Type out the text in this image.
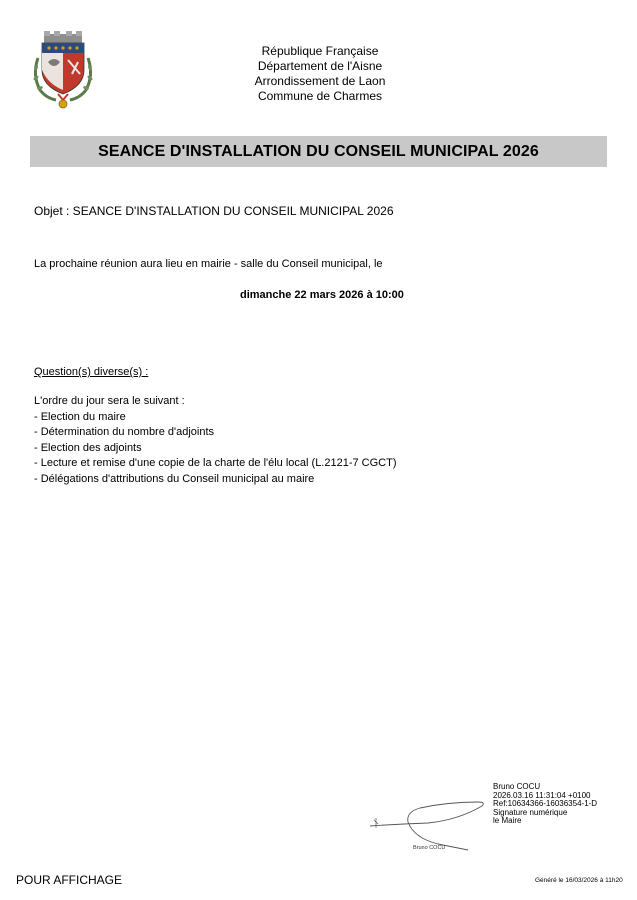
République Française
Département de l'Aisne
Arrondissement de Laon
Commune de Charmes
SEANCE D'INSTALLATION DU CONSEIL MUNICIPAL 2026
Objet : SEANCE D'INSTALLATION DU CONSEIL MUNICIPAL 2026
La prochaine réunion aura lieu en mairie - salle du Conseil municipal, le
dimanche 22 mars 2026 à 10:00
Question(s) diverse(s) :
L'ordre du jour sera le suivant :
- Election du maire
- Détermination du nombre d'adjoints
- Election des adjoints
- Lecture et remise d'une copie de la charte de l'élu local (L.2121-7 CGCT)
- Délégations d'attributions du Conseil municipal au maire
Bruno COCU
2026.03.16 11:31:04 +0100
Ref:10634366-16036354-1-D
Signature numérique
le Maire
Bruno COCU
POUR AFFICHAGE	Généré le 16/03/2026 à 11h20
